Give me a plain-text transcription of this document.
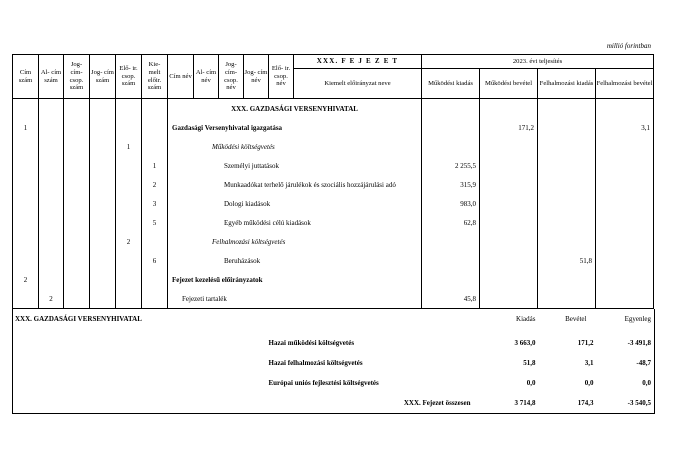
millió forintban
Cím szám	Al- cím szám	Jog- cím- csop. szám	Jog- cím szám	Elő- ir. csop. szám	Kie- melt előir. szám	Cím név	Al- cím név	Jog- cím- csop. név	Jog- cím név	Elő- ir. csop. név	XXX. F E J E Z E T	2023. évi teljesítés			
											Kiemelt előirányzat neve	Működési kiadás	Működési bevétel	Felhalmozási kiadás	Felhalmozási bevétel
						XXX. GAZDASÁGI VERSENYHIVATAL									
1						Gazdasági Versenyhivatal igazgatása							171,2		3,1
				1		Működési költségvetés									
					1	Személyi juttatások						2 255,5			
					2	Munkaadókat terhelő járulékok és szociális hozzájárulási adó						315,9			
					3	Dologi kiadások						983,0			
					5	Egyéb működési célú kiadások						62,8			
				2		Felhalmozási költségvetés									
					6	Beruházások								51,8	
2						Fejezet kezelésű előirányzatok									
	2					Fejezeti tartalék						45,8			
XXX. GAZDASÁGI VERSENYHIVATAL		Kiadás	Bevétel	Egyenleg
	Hazai működési költségvetés	3 663,0	171,2	-3 491,8
	Hazai felhalmozási költségvetés	51,8	3,1	-48,7
	Európai uniós fejlesztési költségvetés	0,0	0,0	0,0
	XXX. Fejezet összesen	3 714,8	174,3	-3 540,5
